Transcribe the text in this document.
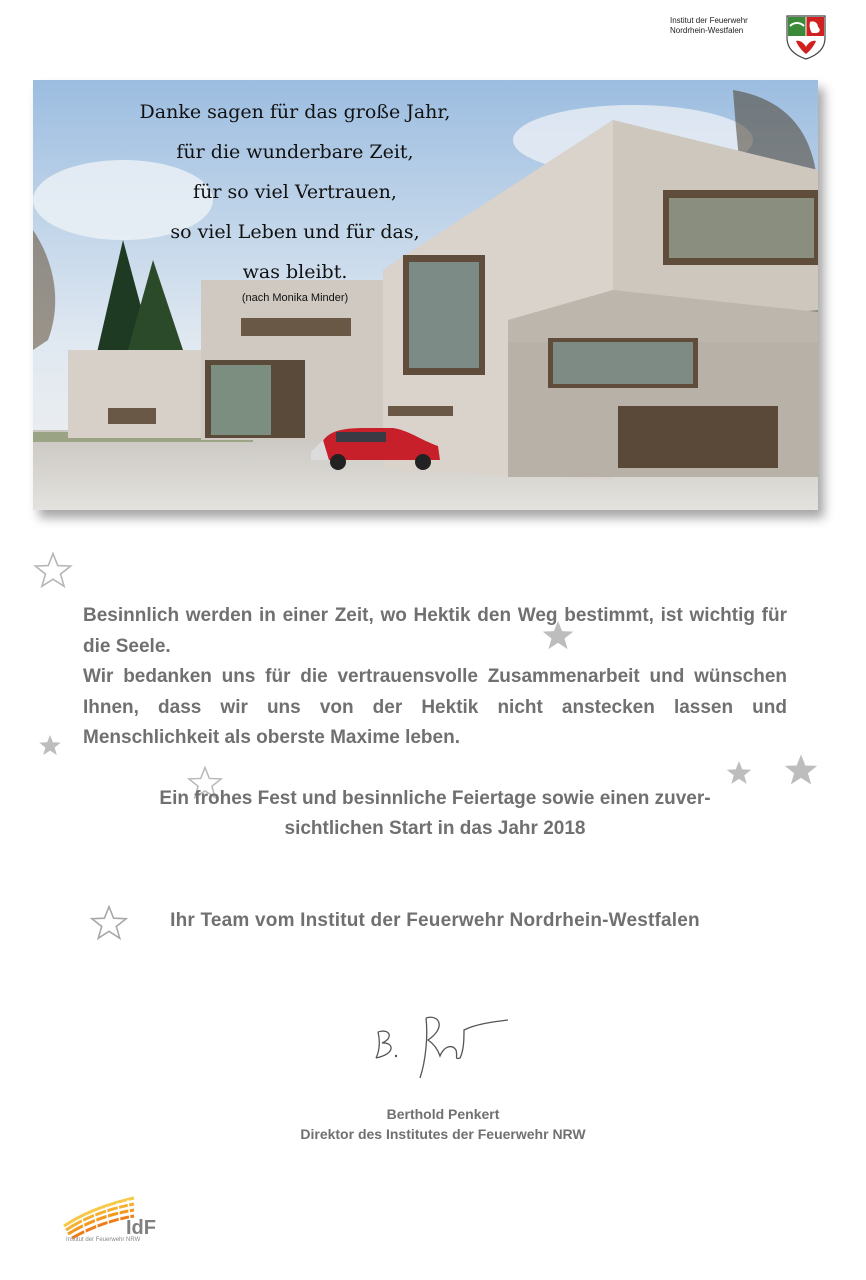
Institut der Feuerwehr
Nordrhein-Westfalen
Danke sagen für das große Jahr,
für die wunderbare Zeit,
für so viel Vertrauen,
so viel Leben und für das,
was bleibt.
(nach Monika Minder)

Besinnlich werden in einer Zeit, wo Hektik den Weg bestimmt, ist wichtig für die Seele.

Wir bedanken uns für die vertrauensvolle Zusammenarbeit und wünschen Ihnen, dass wir uns von der Hektik nicht anstecken lassen und Menschlichkeit als oberste Maxime leben.

Ein frohes Fest und besinnliche Feiertage sowie einen zuver-
sichtlichen Start in das Jahr 2018
Ihr Team vom Institut der Feuerwehr Nordrhein-Westfalen
B. Pk
Berthold Penkert
Direktor des Institutes der Feuerwehr NRW
IdF
Institut der Feuerwehr NRW
